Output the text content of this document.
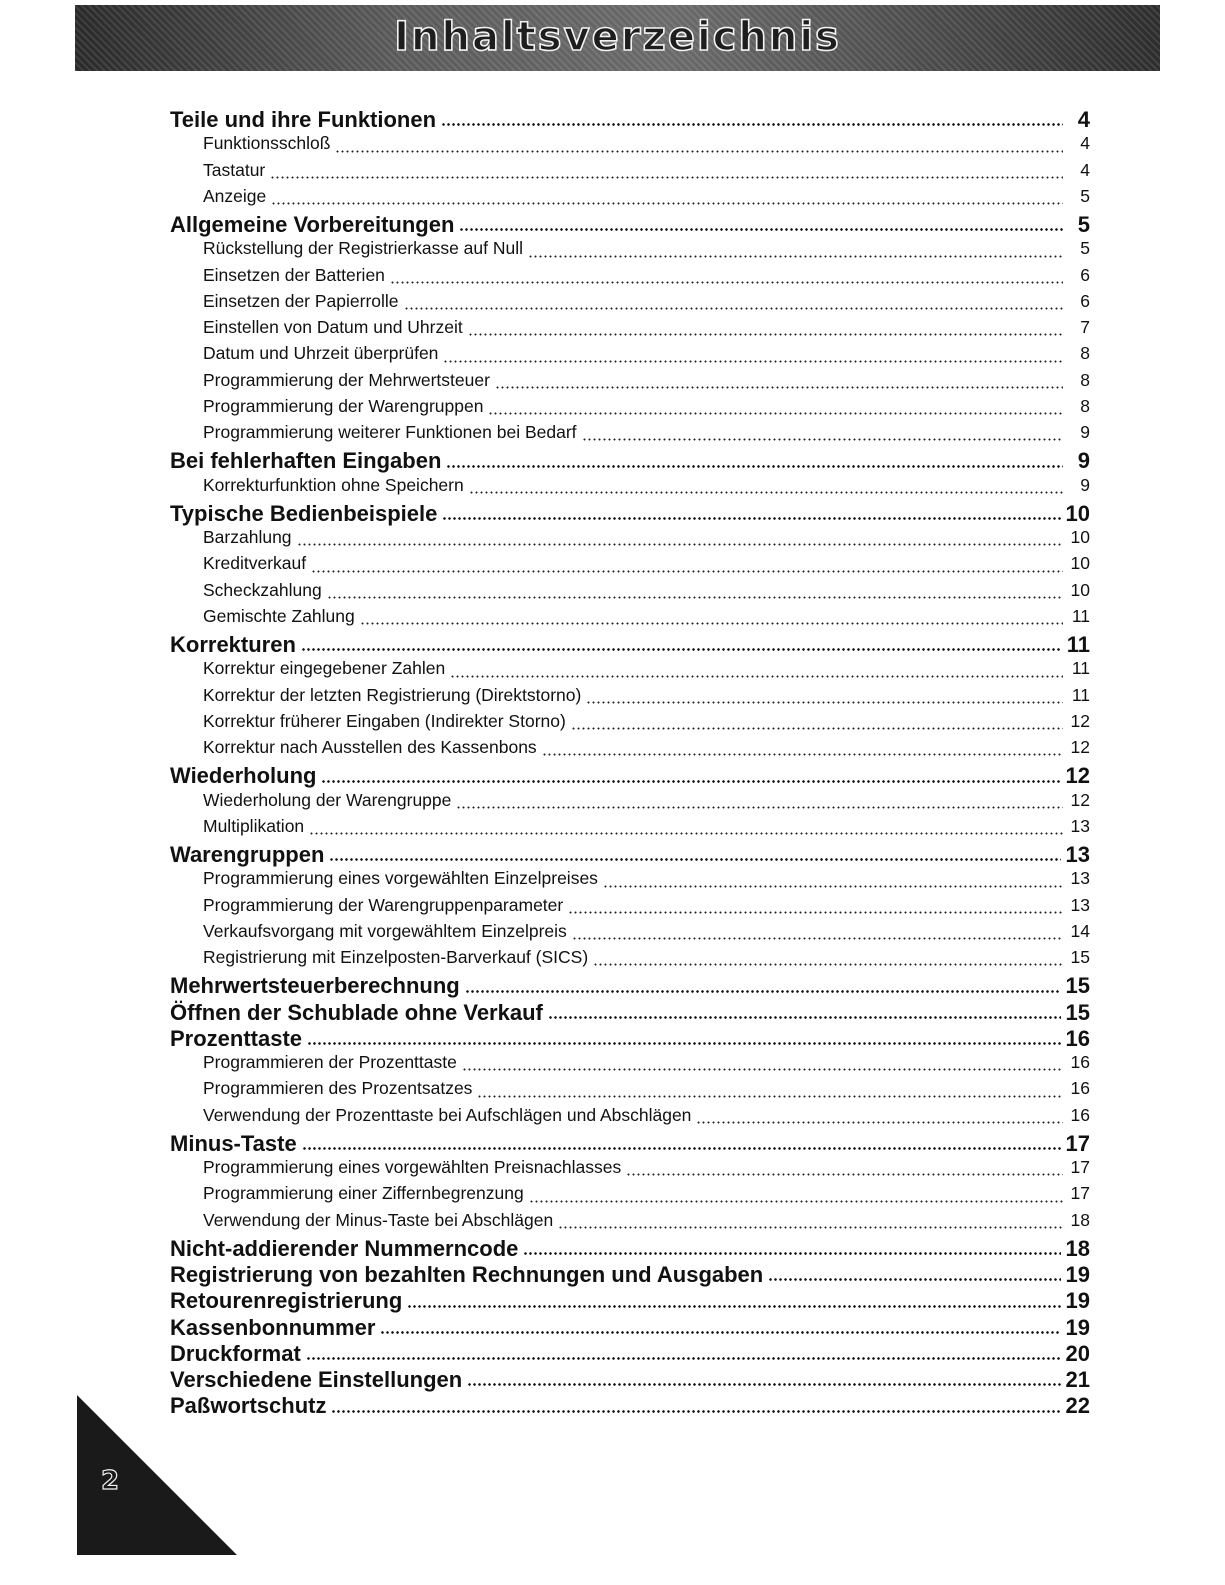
Inhaltsverzeichnis
Teile und ihre Funktionen	4
Funktionsschloß	4
Tastatur	4
Anzeige	5
Allgemeine Vorbereitungen	5
Rückstellung der Registrierkasse auf Null	5
Einsetzen der Batterien	6
Einsetzen der Papierrolle	6
Einstellen von Datum und Uhrzeit	7
Datum und Uhrzeit überprüfen	8
Programmierung der Mehrwertsteuer	8
Programmierung der Warengruppen	8
Programmierung weiterer Funktionen bei Bedarf	9
Bei fehlerhaften Eingaben	9
Korrekturfunktion ohne Speichern	9
Typische Bedienbeispiele	10
Barzahlung	10
Kreditverkauf	10
Scheckzahlung	10
Gemischte Zahlung	11
Korrekturen	11
Korrektur eingegebener Zahlen	11
Korrektur der letzten Registrierung (Direktstorno)	11
Korrektur früherer Eingaben (Indirekter Storno)	12
Korrektur nach Ausstellen des Kassenbons	12
Wiederholung	12
Wiederholung der Warengruppe	12
Multiplikation	13
Warengruppen	13
Programmierung eines vorgewählten Einzelpreises	13
Programmierung der Warengruppenparameter	13
Verkaufsvorgang mit vorgewähltem Einzelpreis	14
Registrierung mit Einzelposten-Barverkauf (SICS)	15
Mehrwertsteuerberechnung	15
Öffnen der Schublade ohne Verkauf	15
Prozenttaste	16
Programmieren der Prozenttaste	16
Programmieren des Prozentsatzes	16
Verwendung der Prozenttaste bei Aufschlägen und Abschlägen	16
Minus-Taste	17
Programmierung eines vorgewählten Preisnachlasses	17
Programmierung einer Ziffernbegrenzung	17
Verwendung der Minus-Taste bei Abschlägen	18
Nicht-addierender Nummerncode	18
Registrierung von bezahlten Rechnungen und Ausgaben	19
Retourenregistrierung	19
Kassenbonnummer	19
Druckformat	20
Verschiedene Einstellungen	21
Paßwortschutz	22
2
